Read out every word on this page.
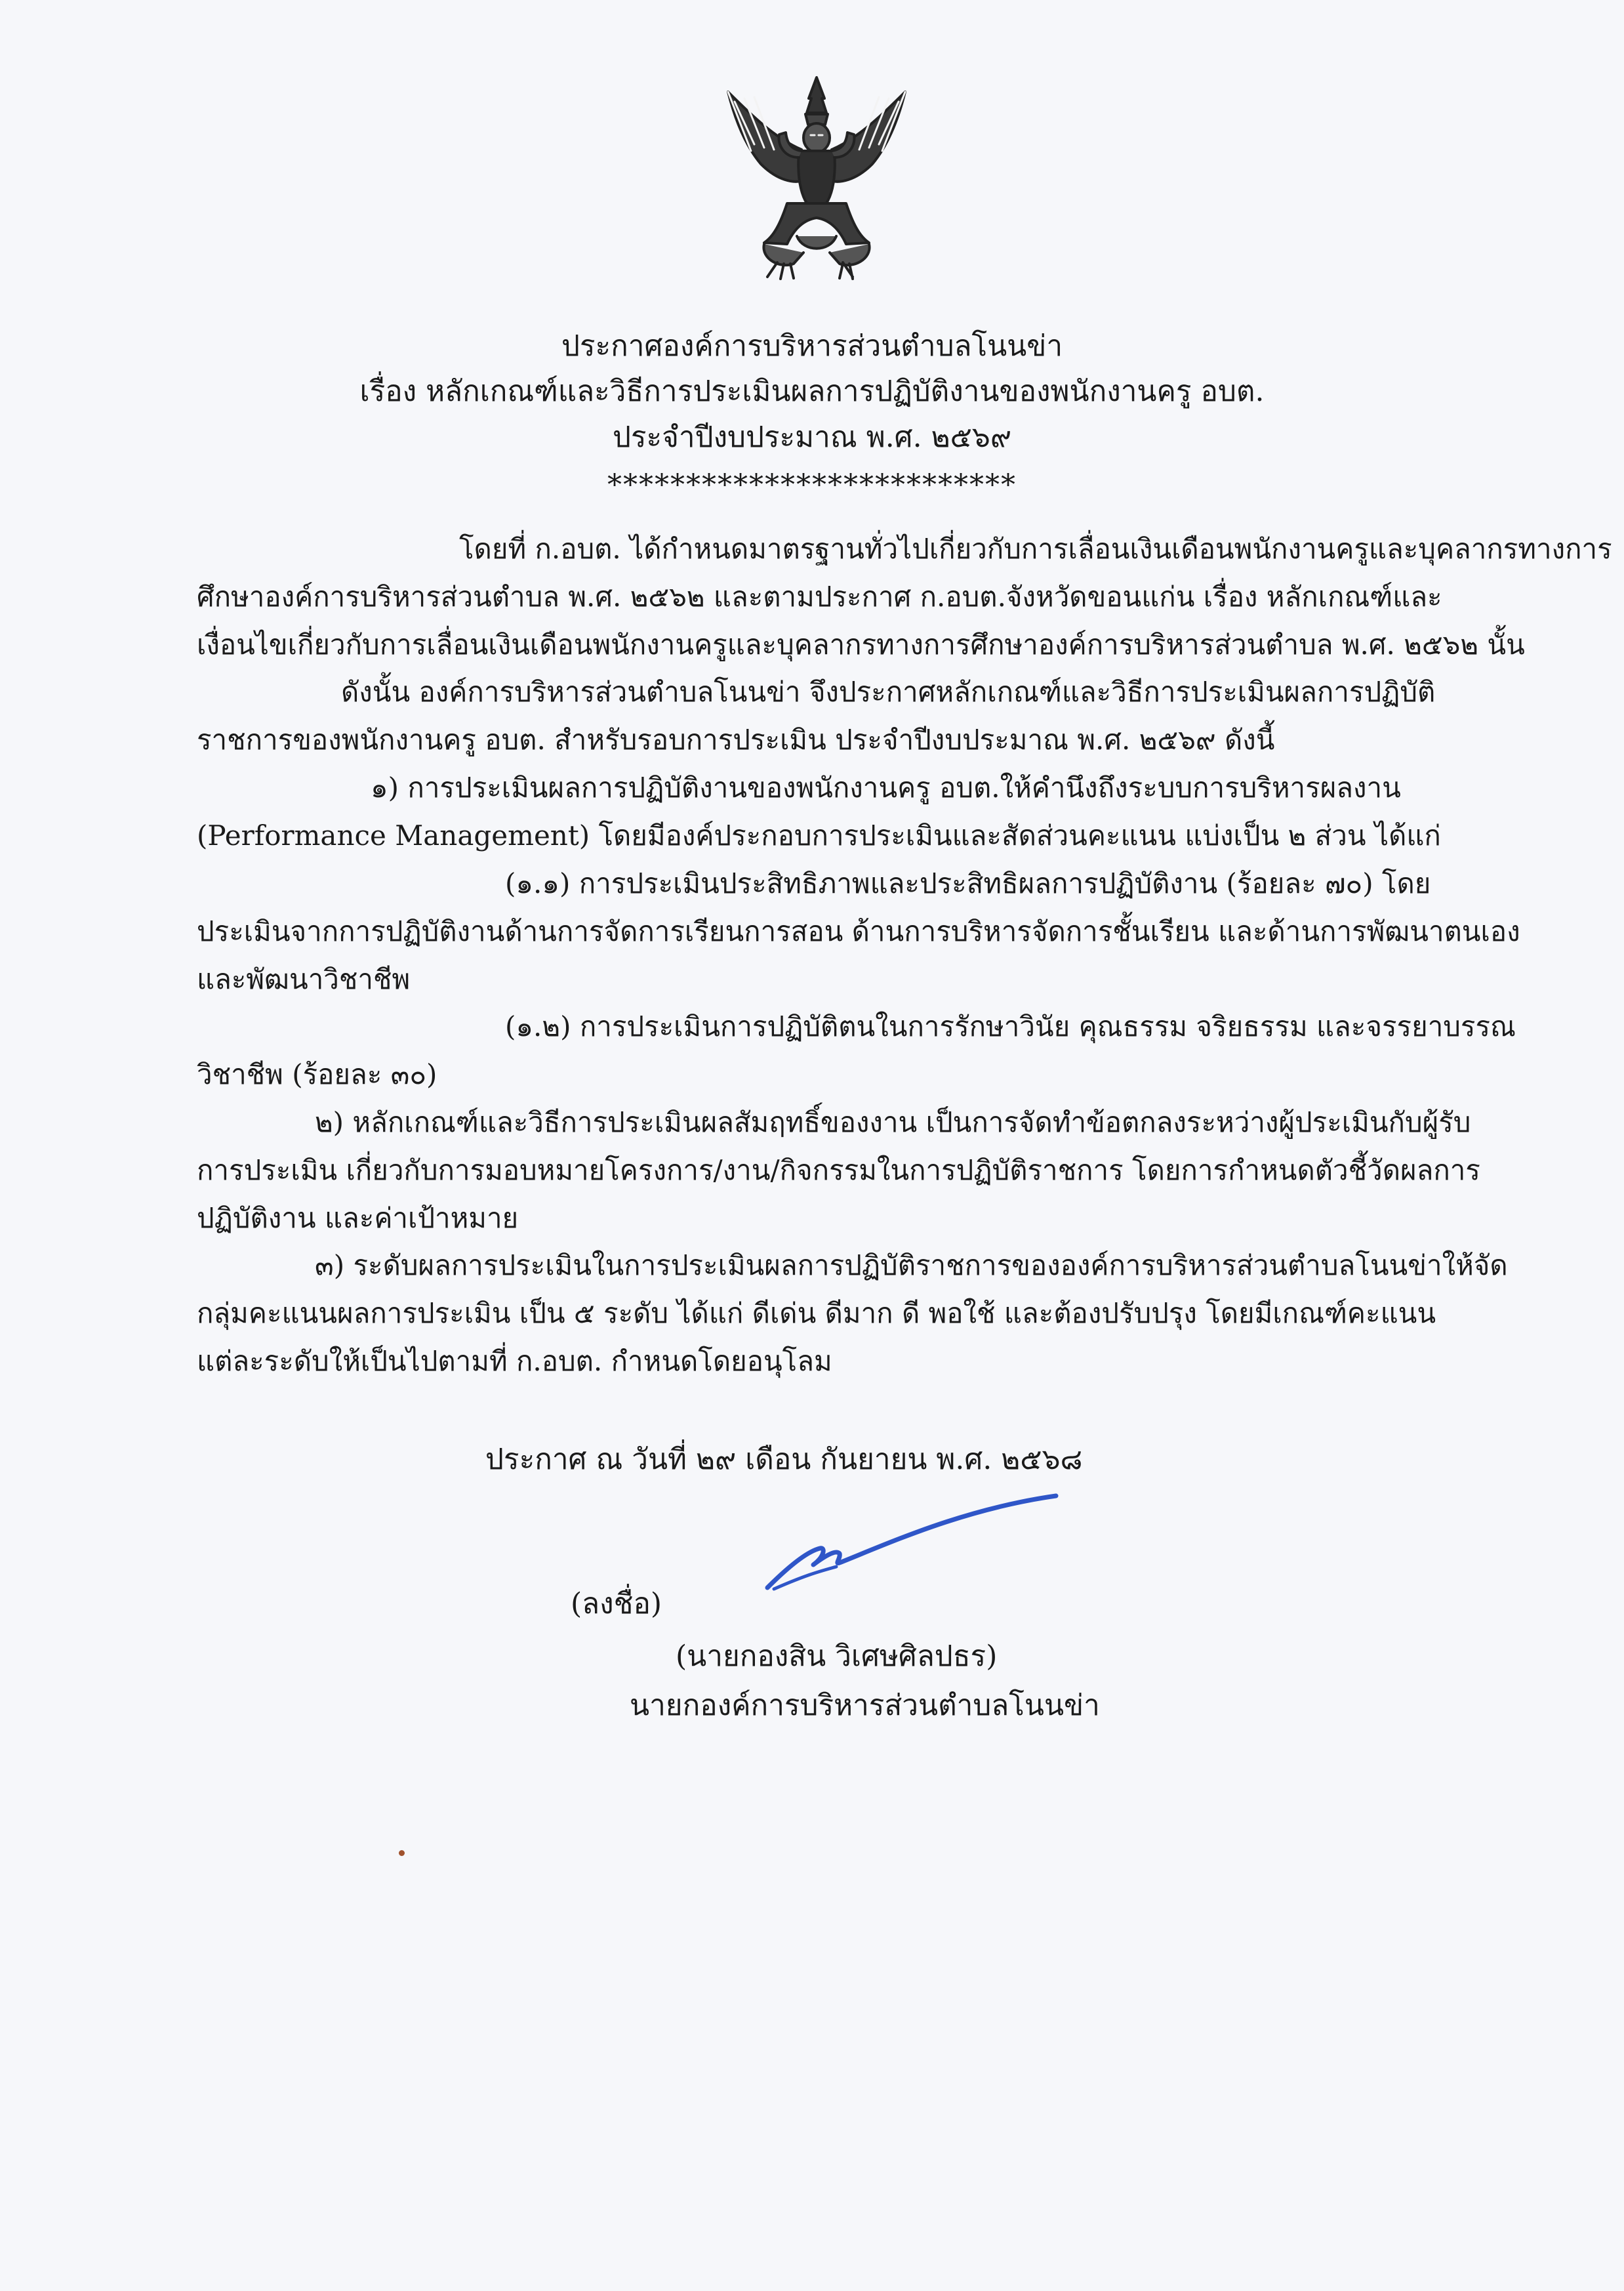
ประกาศองค์การบริหารส่วนตำบลโนนข่า
เรื่อง หลักเกณฑ์และวิธีการประเมินผลการปฏิบัติงานของพนักงานครู อบต.
ประจำปีงบประมาณ พ.ศ. ๒๕๖๙
**************************
โดยที่ ก.อบต. ได้กำหนดมาตรฐานทั่วไปเกี่ยวกับการเลื่อนเงินเดือนพนักงานครูและบุคลากรทางการ
ศึกษาองค์การบริหารส่วนตำบล พ.ศ. ๒๕๖๒ และตามประกาศ ก.อบต.จังหวัดขอนแก่น เรื่อง หลักเกณฑ์และ
เงื่อนไขเกี่ยวกับการเลื่อนเงินเดือนพนักงานครูและบุคลากรทางการศึกษาองค์การบริหารส่วนตำบล พ.ศ. ๒๕๖๒ นั้น
ดังนั้น องค์การบริหารส่วนตำบลโนนข่า จึงประกาศหลักเกณฑ์และวิธีการประเมินผลการปฏิบัติ
ราชการของพนักงานครู อบต. สำหรับรอบการประเมิน ประจำปีงบประมาณ พ.ศ. ๒๕๖๙ ดังนี้
๑) การประเมินผลการปฏิบัติงานของพนักงานครู อบต.ให้คำนึงถึงระบบการบริหารผลงาน
(Performance Management) โดยมีองค์ประกอบการประเมินและสัดส่วนคะแนน แบ่งเป็น ๒ ส่วน ได้แก่
(๑.๑) การประเมินประสิทธิภาพและประสิทธิผลการปฏิบัติงาน (ร้อยละ ๗๐) โดย
ประเมินจากการปฏิบัติงานด้านการจัดการเรียนการสอน ด้านการบริหารจัดการชั้นเรียน และด้านการพัฒนาตนเอง
และพัฒนาวิชาชีพ
(๑.๒) การประเมินการปฏิบัติตนในการรักษาวินัย คุณธรรม จริยธรรม และจรรยาบรรณ
วิชาชีพ (ร้อยละ ๓๐)
๒) หลักเกณฑ์และวิธีการประเมินผลสัมฤทธิ์ของงาน เป็นการจัดทำข้อตกลงระหว่างผู้ประเมินกับผู้รับ
การประเมิน เกี่ยวกับการมอบหมายโครงการ/งาน/กิจกรรมในการปฏิบัติราชการ โดยการกำหนดตัวชี้วัดผลการ
ปฏิบัติงาน และค่าเป้าหมาย
๓) ระดับผลการประเมินในการประเมินผลการปฏิบัติราชการขององค์การบริหารส่วนตำบลโนนข่าให้จัด
กลุ่มคะแนนผลการประเมิน เป็น ๕ ระดับ ได้แก่ ดีเด่น ดีมาก ดี พอใช้ และต้องปรับปรุง โดยมีเกณฑ์คะแนน
แต่ละระดับให้เป็นไปตามที่ ก.อบต. กำหนดโดยอนุโลม
ประกาศ ณ วันที่ ๒๙ เดือน กันยายน พ.ศ. ๒๕๖๘
(ลงชื่อ)
(นายกองสิน วิเศษศิลปธร)
นายกองค์การบริหารส่วนตำบลโนนข่า
